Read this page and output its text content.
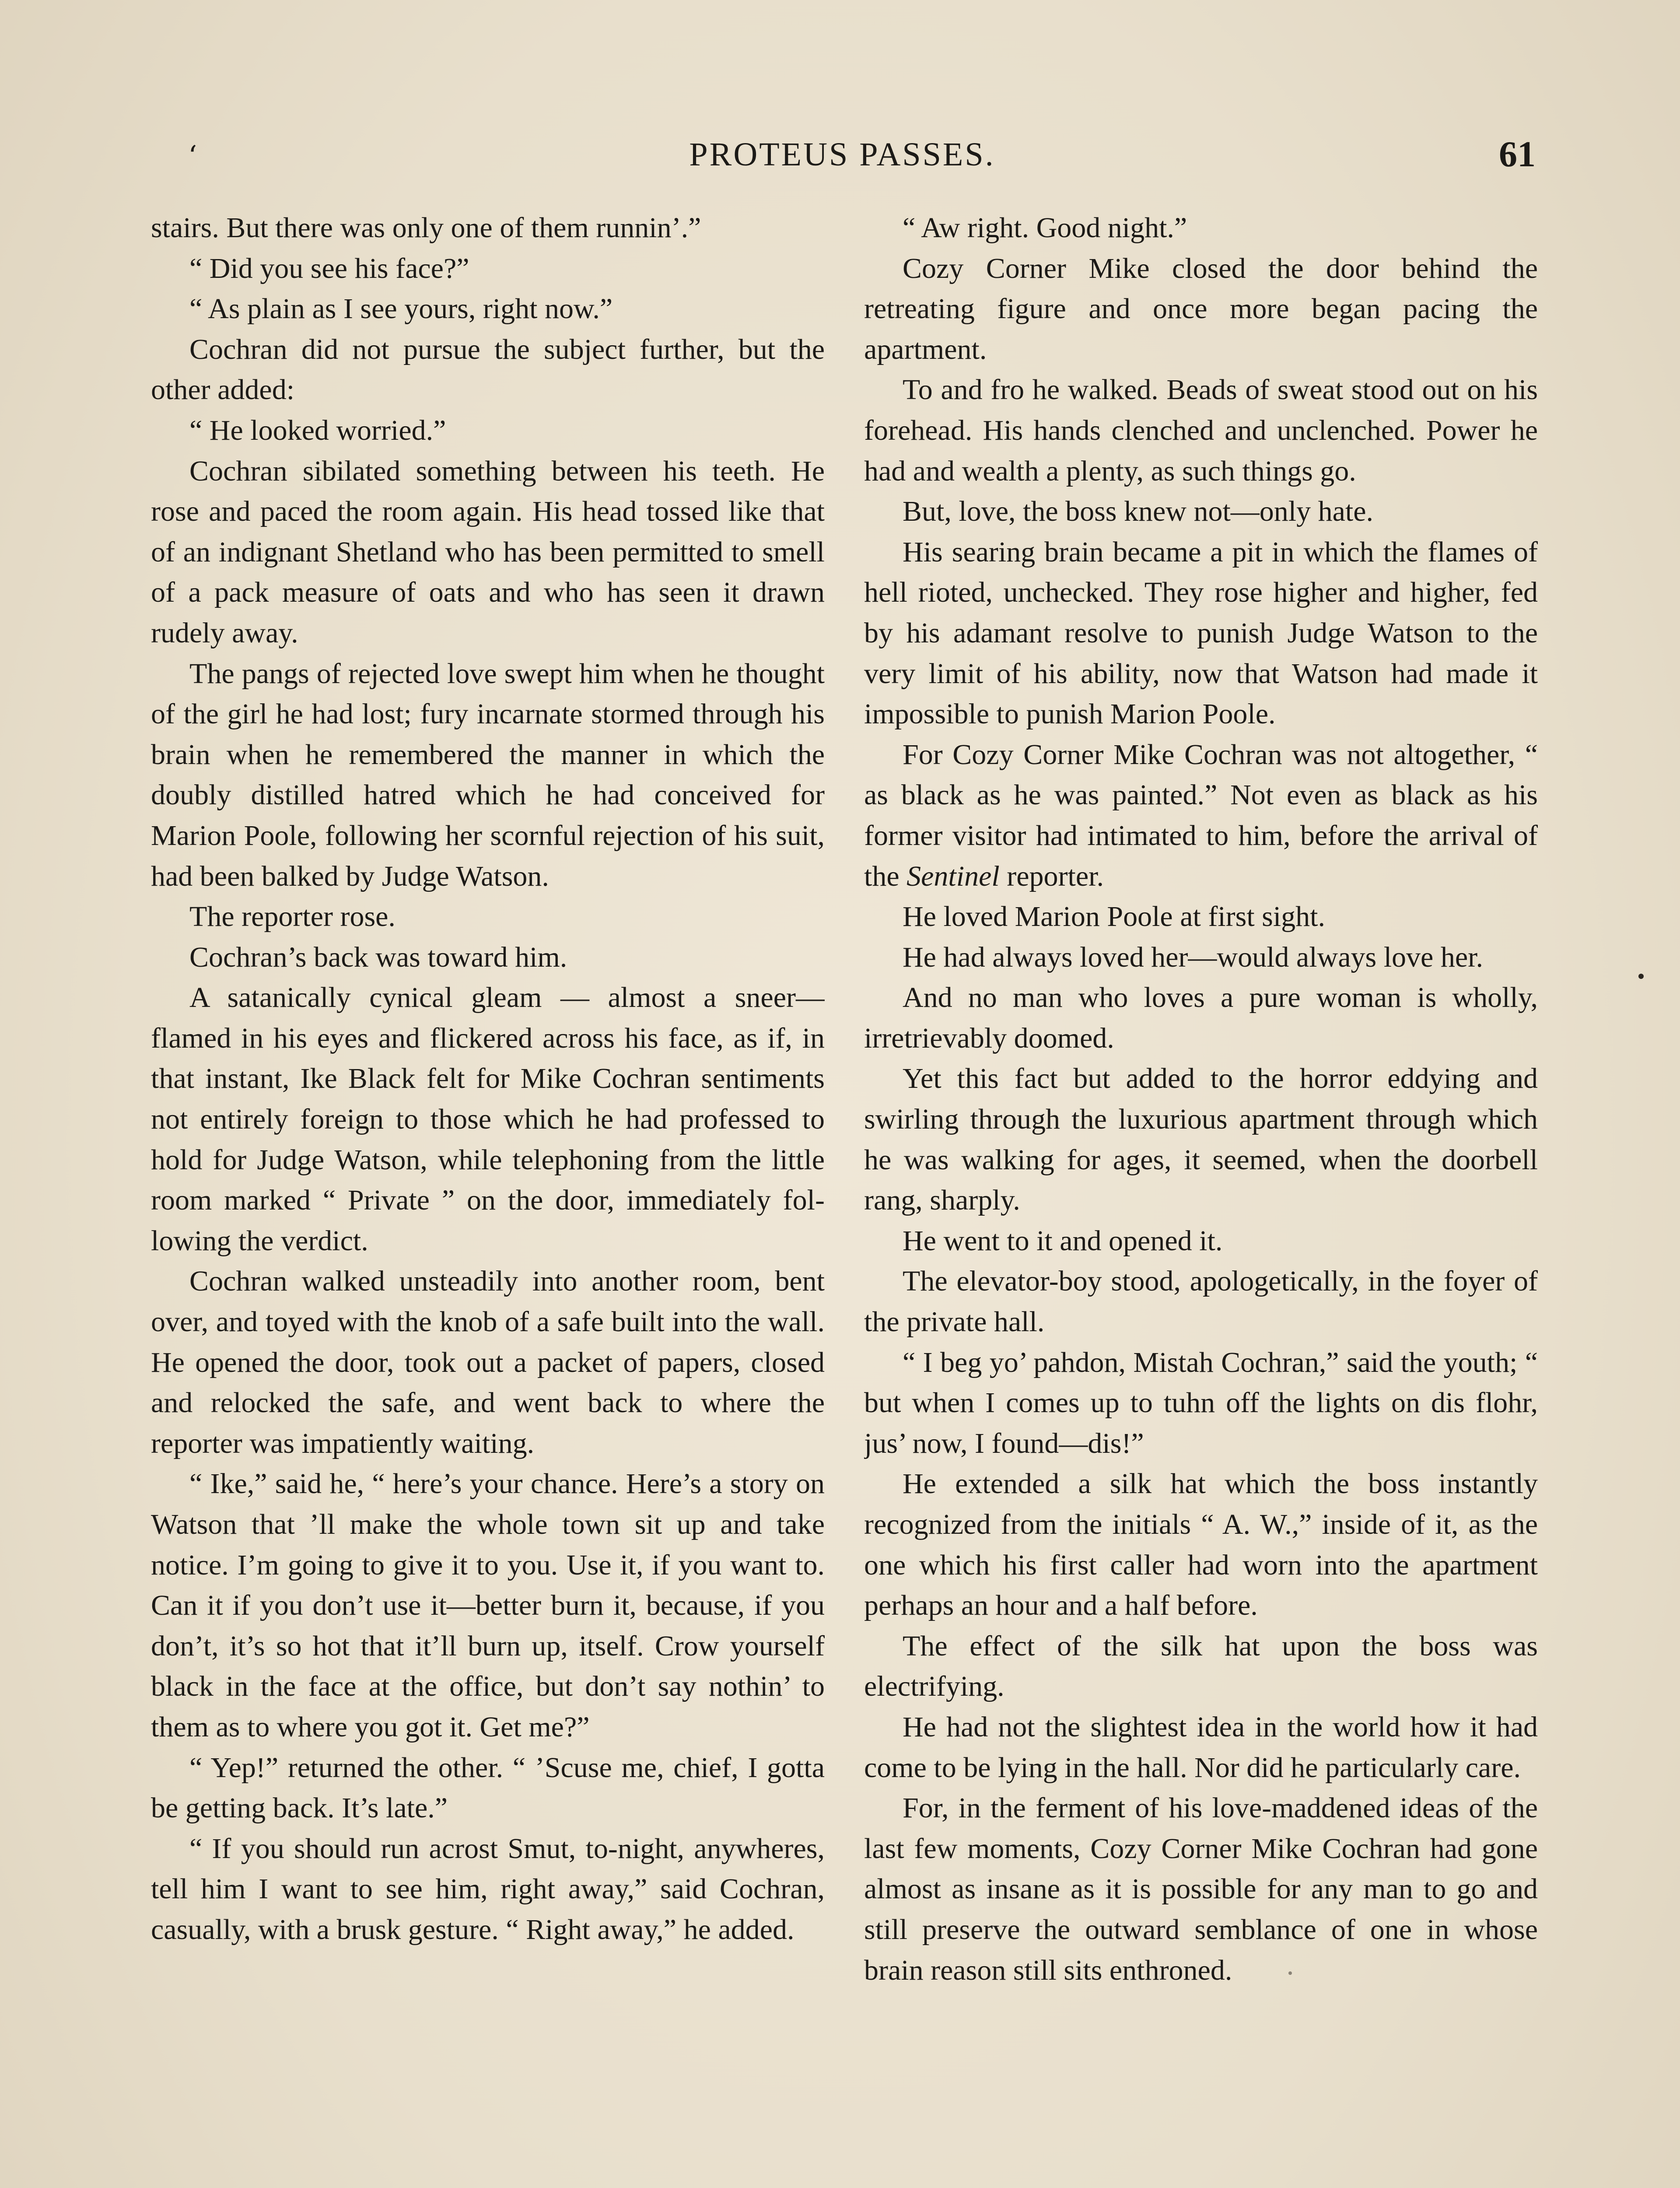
ʻ	PROTEUS PASSES.	61

stairs. But there was only one of them runnin’.”

“ Did you see his face?”

“ As plain as I see yours, right now.”

Cochran did not pursue the subject further, but the other added:

“ He looked worried.”

Cochran sibilated something between his teeth. He rose and paced the room again. His head tossed like that of an indignant Shetland who has been permitted to smell of a pack measure of oats and who has seen it drawn rudely away.

The pangs of rejected love swept him when he thought of the girl he had lost; fury incarnate stormed through his brain when he remembered the manner in which the doubly distilled hatred which he had conceived for Marion Poole, following her scornful rejection of his suit, had been balked by Judge Watson.

The reporter rose.

Cochran’s back was toward him.

A satanically cynical gleam — almost a sneer—flamed in his eyes and flickered across his face, as if, in that instant, Ike Black felt for Mike Cochran sentiments not entirely foreign to those which he had professed to hold for Judge Watson, while telephoning from the little room marked “ Private ” on the door, immediately following the verdict.

Cochran walked unsteadily into another room, bent over, and toyed with the knob of a safe built into the wall. He opened the door, took out a packet of papers, closed and relocked the safe, and went back to where the reporter was impatiently waiting.

“ Ike,” said he, “ here’s your chance. Here’s a story on Watson that ’ll make the whole town sit up and take notice. I’m going to give it to you. Use it, if you want to. Can it if you don’t use it—better burn it, because, if you don’t, it’s so hot that it’ll burn up, itself. Crow yourself black in the face at the office, but don’t say nothin’ to them as to where you got it. Get me?”

“ Yep!” returned the other. “ ’Scuse me, chief, I gotta be getting back. It’s late.”

“ If you should run acrost Smut, to-night, anywheres, tell him I want to see him, right away,” said Cochran, casually, with a brusk gesture. “ Right away,” he added.

“ Aw right. Good night.”

Cozy Corner Mike closed the door behind the retreating figure and once more began pacing the apartment.

To and fro he walked. Beads of sweat stood out on his forehead. His hands clenched and unclenched. Power he had and wealth a plenty, as such things go.

But, love, the boss knew not—only hate.

His searing brain became a pit in which the flames of hell rioted, unchecked. They rose higher and higher, fed by his adamant resolve to punish Judge Watson to the very limit of his ability, now that Watson had made it impossible to punish Marion Poole.

For Cozy Corner Mike Cochran was not altogether, “ as black as he was painted.” Not even as black as his former visitor had intimated to him, before the arrival of the Sentinel reporter.

He loved Marion Poole at first sight.

He had always loved her—would always love her.

And no man who loves a pure woman is wholly, irretrievably doomed.

Yet this fact but added to the horror eddying and swirling through the luxurious apartment through which he was walking for ages, it seemed, when the doorbell rang, sharply.

He went to it and opened it.

The elevator-boy stood, apologetically, in the foyer of the private hall.

“ I beg yo’ pahdon, Mistah Cochran,” said the youth; “ but when I comes up to tuhn off the lights on dis flohr, jus’ now, I found—dis!”

He extended a silk hat which the boss instantly recognized from the initials “ A. W.,” inside of it, as the one which his first caller had worn into the apartment perhaps an hour and a half before.

The effect of the silk hat upon the boss was electrifying.

He had not the slightest idea in the world how it had come to be lying in the hall. Nor did he particularly care.

For, in the ferment of his love-maddened ideas of the last few moments, Cozy Corner Mike Cochran had gone almost as insane as it is possible for any man to go and still preserve the outward semblance of one in whose brain reason still sits enthroned.
